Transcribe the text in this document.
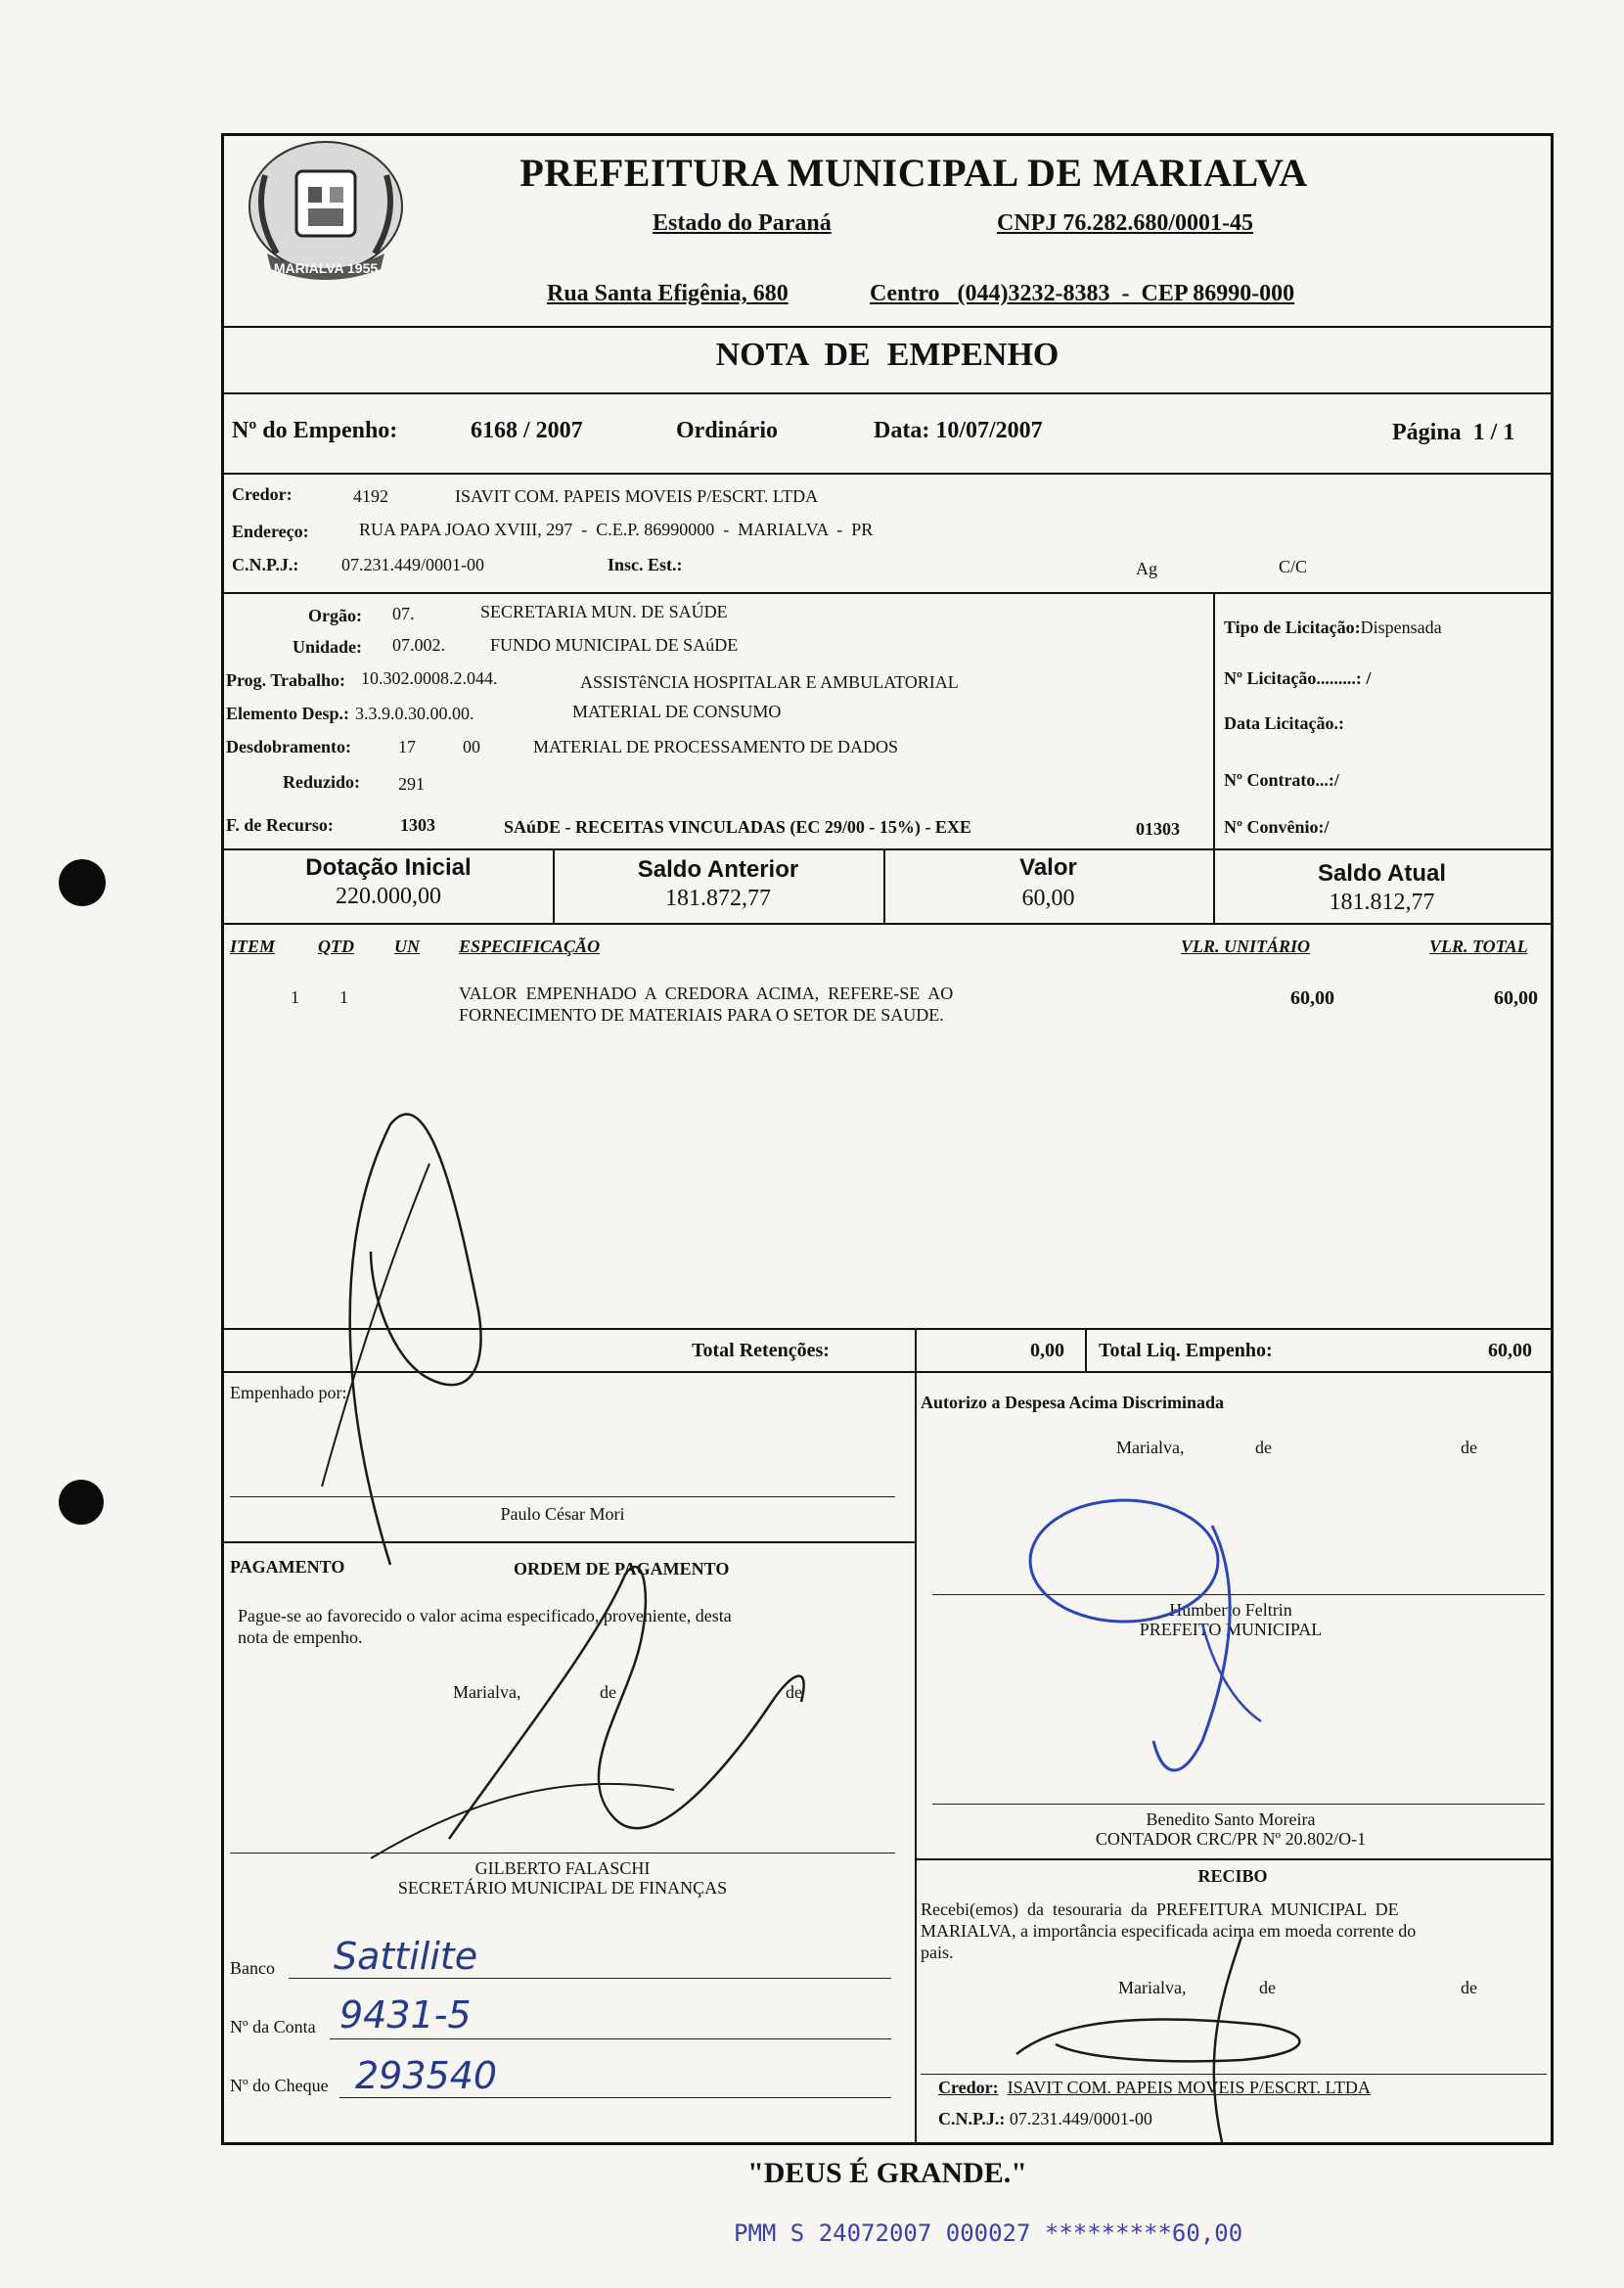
MARIALVA 1955
PREFEITURA MUNICIPAL DE MARIALVA
Estado do Paraná	CNPJ 76.282.680/0001-45
Rua Santa Efigênia, 680	Centro   (044)3232-8383  -  CEP 86990-000
NOTA  DE  EMPENHO
Nº do Empenho:	6168 / 2007	Ordinário	Data: 10/07/2007	Página  1 / 1
Credor:	4192	ISAVIT COM. PAPEIS MOVEIS P/ESCRT. LTDA
Endereço:	RUA PAPA JOAO XVIII, 297  -  C.E.P. 86990000  -  MARIALVA  -  PR
C.N.P.J.: 07.231.449/0001-00	Insc. Est.:	Ag	C/C
Orgão: 07.	SECRETARIA MUN. DE SAÚDE
Unidade: 07.002.	FUNDO MUNICIPAL DE SAúDE
Prog. Trabalho: 10.302.0008.2.044.	ASSISTêNCIA HOSPITALAR E AMBULATORIAL
Elemento Desp.: 3.3.9.0.30.00.00.	MATERIAL DE CONSUMO
Desdobramento:	17	00	MATERIAL DE PROCESSAMENTO DE DADOS
Reduzido: 291
F. de Recurso:	1303	SAúDE - RECEITAS VINCULADAS (EC 29/00 - 15%) - EXE	01303
Tipo de Licitação:Dispensada
Nº Licitação.........: /
Data Licitação.:
Nº Contrato...:/
Nº Convênio:/
Dotação Inicial
220.000,00
Saldo Anterior
181.872,77
Valor
60,00
Saldo Atual
181.812,77
ITEM QTD UN ESPECIFICAÇÃO	VLR. UNITÁRIO	VLR. TOTAL
1 1	VALOR  EMPENHADO  A  CREDORA  ACIMA,  REFERE-SE  AO
FORNECIMENTO DE MATERIAIS PARA O SETOR DE SAUDE.
60,00	60,00
Total Retenções:	0,00 Total Liq. Empenho:	60,00
Empenhado por:
Paulo César Mori
PAGAMENTO	ORDEM DE PAGAMENTO
Pague-se ao favorecido o valor acima especificado, proveniente, desta
nota de empenho.
Marialva,	de	de
GILBERTO FALASCHI
SECRETÁRIO MUNICIPAL DE FINANÇAS
Banco Sattilite
Nº da Conta 9431-5
Nº do Cheque 293540
Autorizo a Despesa Acima Discriminada
Marialva,	de	de
Humberto Feltrin
PREFEITO MUNICIPAL
Benedito Santo Moreira
CONTADOR CRC/PR Nº 20.802/O-1
RECIBO
Recebi(emos)  da  tesouraria  da  PREFEITURA  MUNICIPAL  DE
MARIALVA, a importância especificada acima em moeda corrente do
pais.
Marialva,	de	de
Credor: ISAVIT COM. PAPEIS MOVEIS P/ESCRT. LTDA
C.N.P.J.: 07.231.449/0001-00
"DEUS É GRANDE."
PMM S 24072007 000027 *********60,00
